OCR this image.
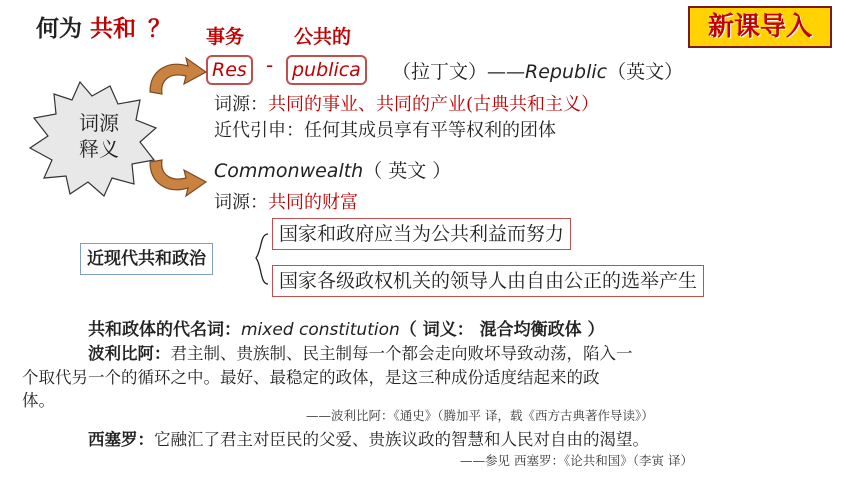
何为 共和 ？	新课导入
事务	公共的
Res - publica	（拉丁文）——Republic（英文）
词源
释义
词源：共同的事业、共同的产业(古典共和主义）
近代引申：任何其成员享有平等权利的团体
Commonwealth（ 英文 ）
词源：共同的财富
近现代共和政治
国家和政府应当为公共利益而努力
国家各级政权机关的领导人由自由公正的选举产生
共和政体的代名词：mixed constitution（ 词义： 混合均衡政体 ）
波利比阿：君主制、贵族制、民主制每一个都会走向败坏导致动荡，陷入一
个取代另一个的循环之中。最好、最稳定的政体，是这三种成份适度结起来的政
体。
——波利比阿：《通史》（腾加平 译，载《西方古典著作导读》）
西塞罗：它融汇了君主对臣民的父爱、贵族议政的智慧和人民对自由的渴望。
——参见 西塞罗：《论共和国》（李寅 译）
